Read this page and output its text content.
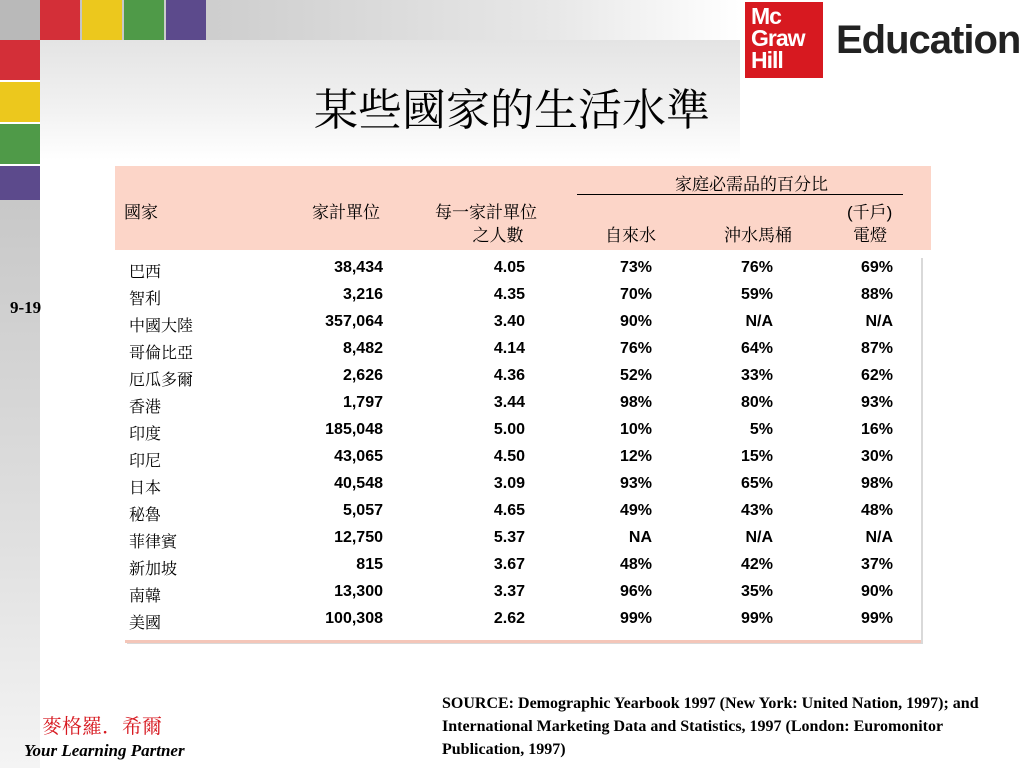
Mc
Graw
Hill	Education
某些國家的生活水準
9-19
家庭必需品的百分比
國家	家計單位	每一家計單位
之人數
(千戶)
自來水	沖水馬桶	電燈
巴西	38,434	4.05	73%	76%	69%
智利	3,216	4.35	70%	59%	88%
中國大陸	357,064	3.40	90%	N/A	N/A
哥倫比亞	8,482	4.14	76%	64%	87%
厄瓜多爾	2,626	4.36	52%	33%	62%
香港	1,797	3.44	98%	80%	93%
印度	185,048	5.00	10%	5%	16%
印尼	43,065	4.50	12%	15%	30%
日本	40,548	3.09	93%	65%	98%
秘魯	5,057	4.65	49%	43%	48%
菲律賓	12,750	5.37	NA	N/A	N/A
新加坡	815	3.67	48%	42%	37%
南韓	13,300	3.37	96%	35%	90%
美國	100,308	2.62	99%	99%	99%
SOURCE: Demographic Yearbook 1997 (New York: United Nation, 1997); and International Marketing Data and Statistics, 1997 (London: Euromonitor Publication, 1997)
麥格羅．希爾
Your Learning Partner
